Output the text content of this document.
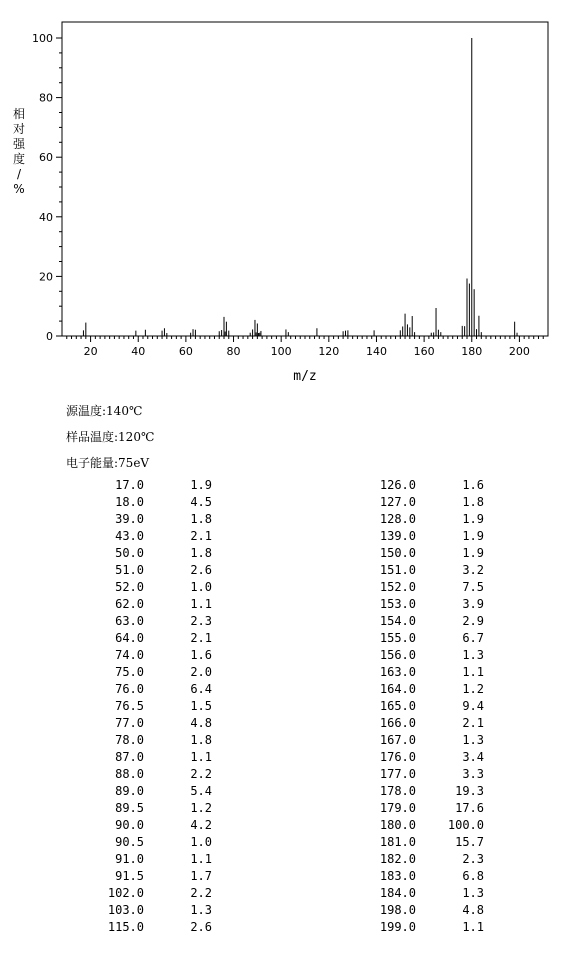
相
对
强
度
/
%
20	40	60	80	100 120 140 160 180 200
0
20
40
60
80
100
m/z
源温度:140℃
样品温度:120℃
电子能量:75eV
17.0	1.9
18.0	4.5
39.0	1.8
43.0	2.1
50.0	1.8
51.0	2.6
52.0	1.0
62.0	1.1
63.0	2.3
64.0	2.1
74.0	1.6
75.0	2.0
76.0	6.4
76.5	1.5
77.0	4.8
78.0	1.8
87.0	1.1
88.0	2.2
89.0	5.4
89.5	1.2
90.0	4.2
90.5	1.0
91.0	1.1
91.5	1.7
102.0	2.2
103.0	1.3
115.0	2.6
126.0	1.6
127.0	1.8
128.0	1.9
139.0	1.9
150.0	1.9
151.0	3.2
152.0	7.5
153.0	3.9
154.0	2.9
155.0	6.7
156.0	1.3
163.0	1.1
164.0	1.2
165.0	9.4
166.0	2.1
167.0	1.3
176.0	3.4
177.0	3.3
178.0	19.3
179.0	17.6
180.0	100.0
181.0	15.7
182.0	2.3
183.0	6.8
184.0	1.3
198.0	4.8
199.0	1.1
